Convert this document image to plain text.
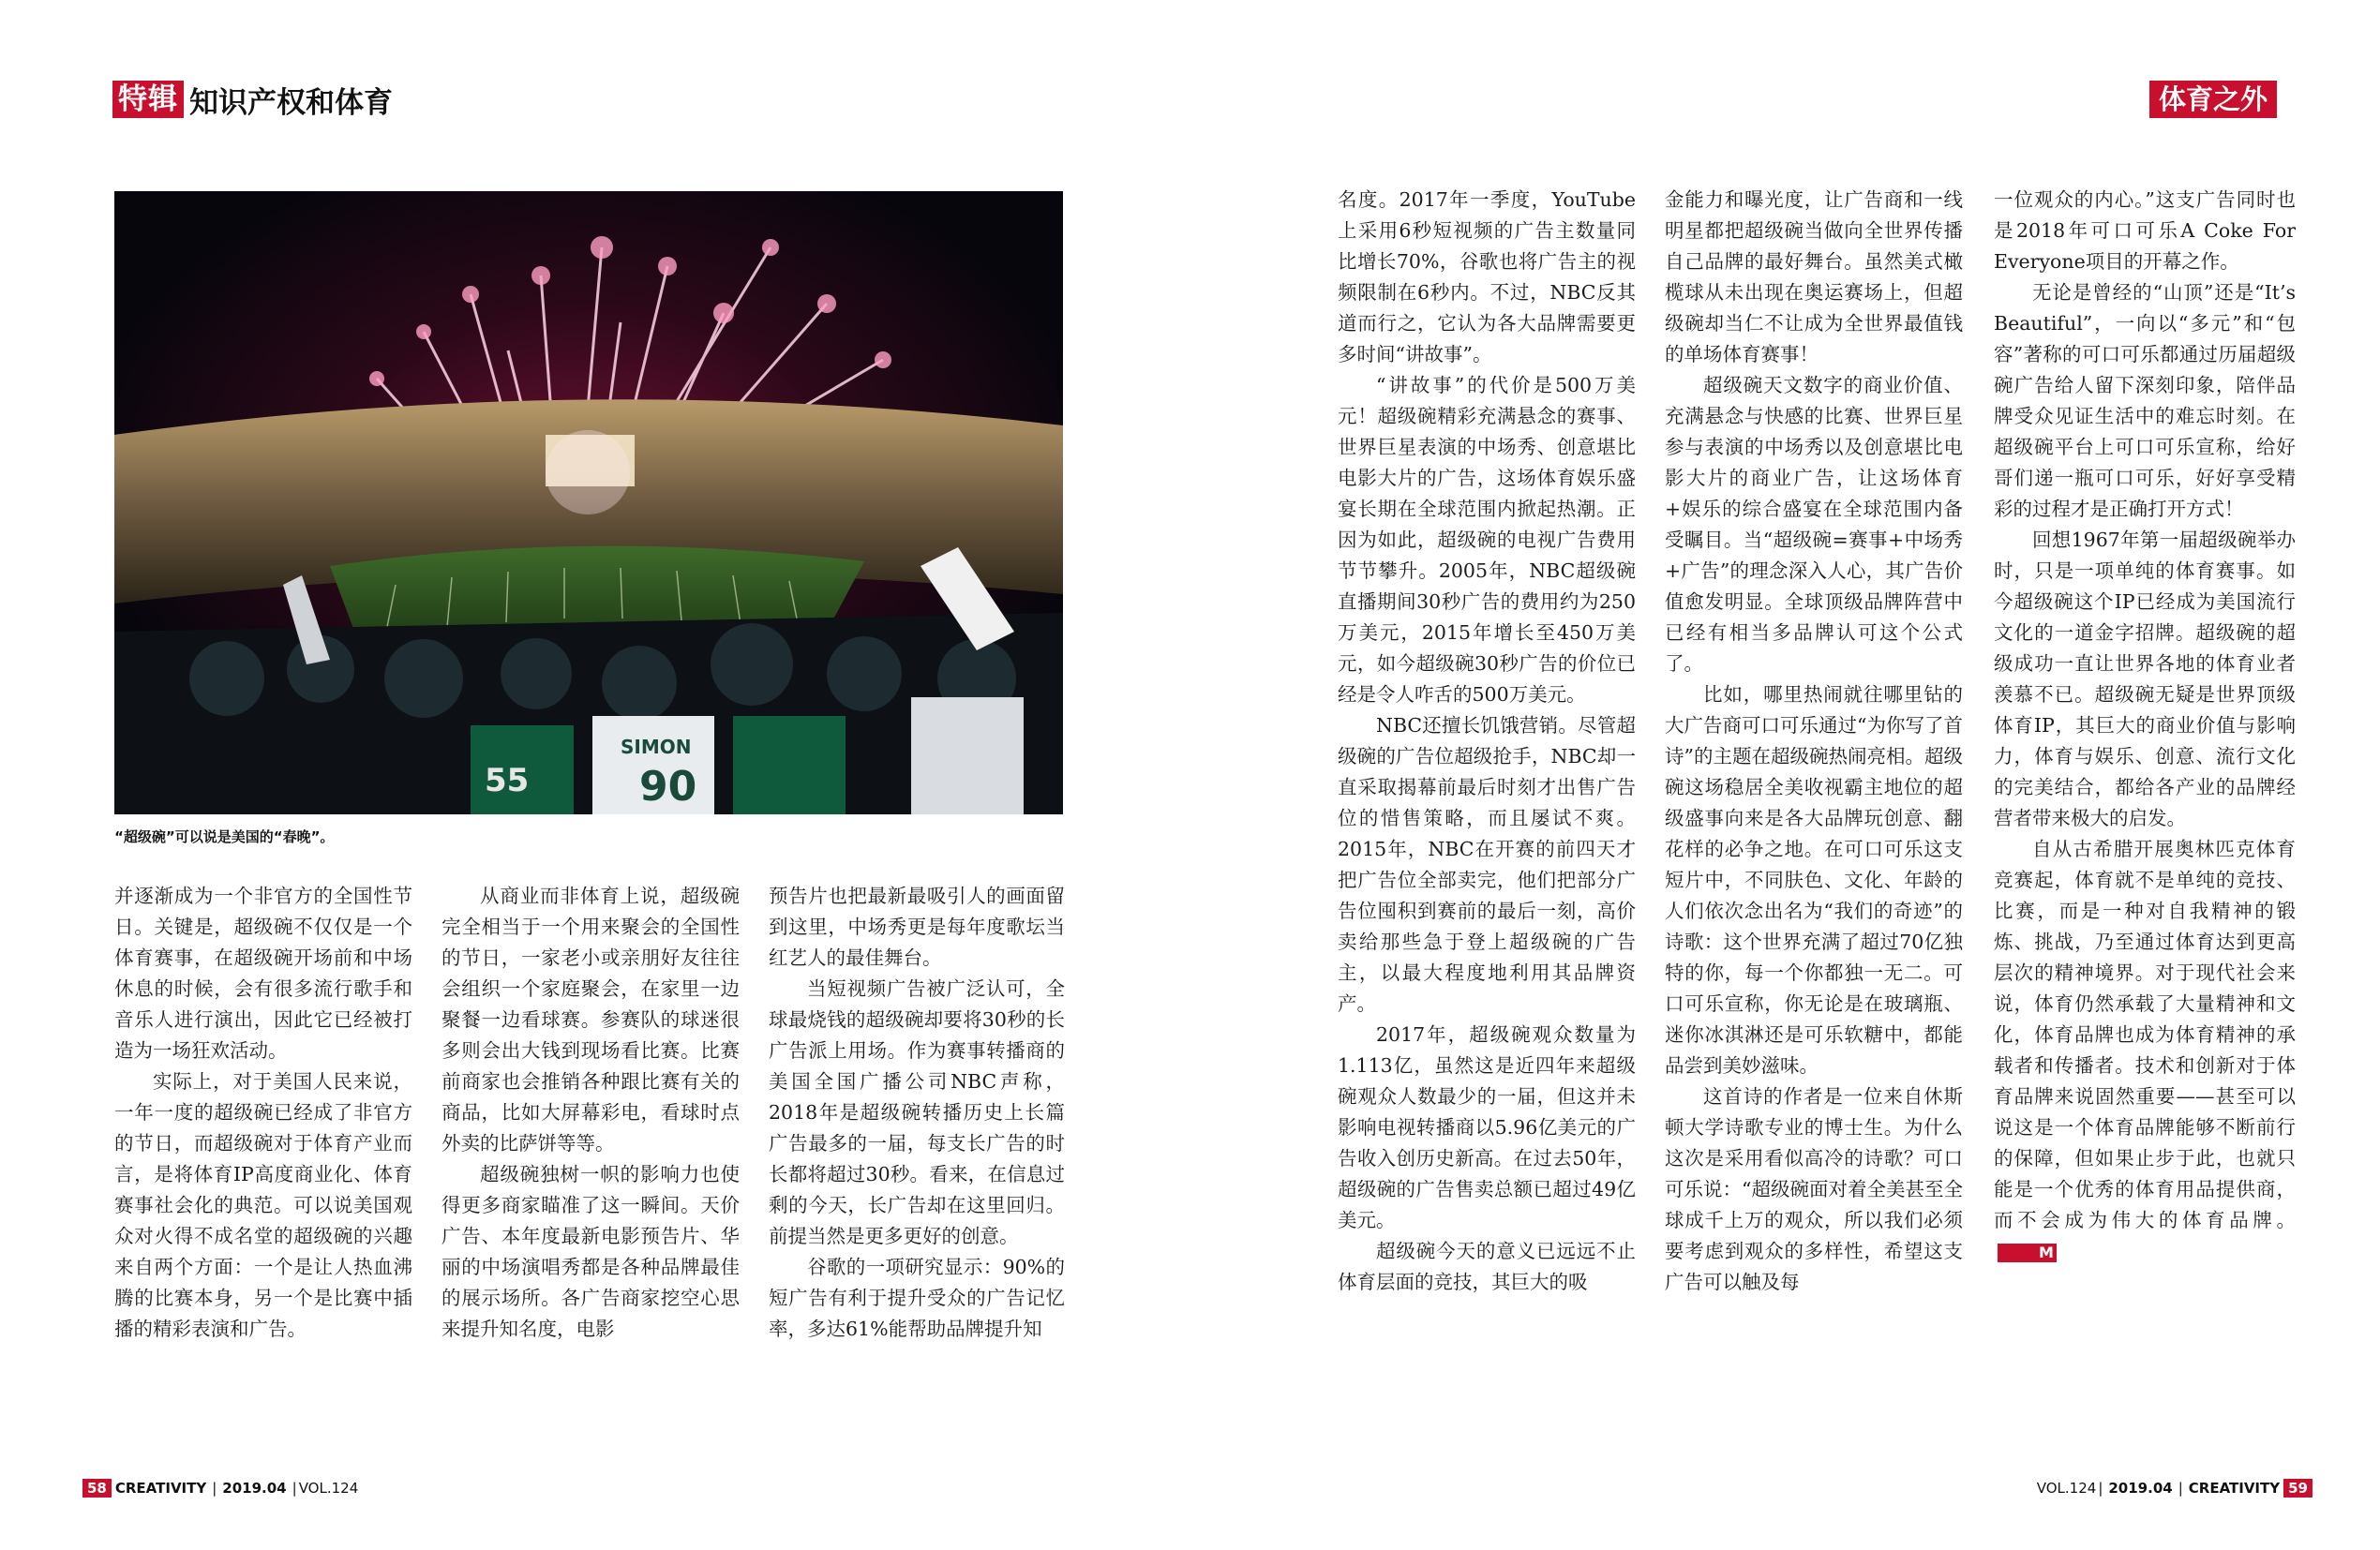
特辑 知识产权和体育
SIMON
90
55
“超级碗”可以说是美国的“春晚”。

并逐渐成为一个非官方的全国性节日。关键是，超级碗不仅仅是一个体育赛事，在超级碗开场前和中场休息的时候，会有很多流行歌手和音乐人进行演出，因此它已经被打造为一场狂欢活动。

实际上，对于美国人民来说，一年一度的超级碗已经成了非官方的节日，而超级碗对于体育产业而言，是将体育IP高度商业化、体育赛事社会化的典范。可以说美国观众对火得不成名堂的超级碗的兴趣来自两个方面：一个是让人热血沸腾的比赛本身，另一个是比赛中插播的精彩表演和广告。

从商业而非体育上说，超级碗完全相当于一个用来聚会的全国性的节日，一家老小或亲朋好友往往会组织一个家庭聚会，在家里一边聚餐一边看球赛。参赛队的球迷很多则会出大钱到现场看比赛。比赛前商家也会推销各种跟比赛有关的商品，比如大屏幕彩电，看球时点外卖的比萨饼等等。

超级碗独树一帜的影响力也使得更多商家瞄准了这一瞬间。天价广告、本年度最新电影预告片、华丽的中场演唱秀都是各种品牌最佳的展示场所。各广告商家挖空心思来提升知名度，电影

预告片也把最新最吸引人的画面留到这里，中场秀更是每年度歌坛当红艺人的最佳舞台。

当短视频广告被广泛认可，全球最烧钱的超级碗却要将30秒的长广告派上用场。作为赛事转播商的美国全国广播公司NBC声称，2018年是超级碗转播历史上长篇广告最多的一届，每支长广告的时长都将超过30秒。看来，在信息过剩的今天，长广告却在这里回归。前提当然是更多更好的创意。

谷歌的一项研究显示：90%的短广告有利于提升受众的广告记忆率，多达61%能帮助品牌提升知

58 CREATIVITY | 2019.04 | VOL.124
体育之外

名度。2017年一季度，YouTube上采用6秒短视频的广告主数量同比增长70%，谷歌也将广告主的视频限制在6秒内。不过，NBC反其道而行之，它认为各大品牌需要更多时间“讲故事”。

“讲故事”的代价是500万美元！超级碗精彩充满悬念的赛事、世界巨星表演的中场秀、创意堪比电影大片的广告，这场体育娱乐盛宴长期在全球范围内掀起热潮。正因为如此，超级碗的电视广告费用节节攀升。2005年，NBC超级碗直播期间30秒广告的费用约为250万美元，2015年增长至450万美元，如今超级碗30秒广告的价位已经是令人咋舌的500万美元。

NBC还擅长饥饿营销。尽管超级碗的广告位超级抢手，NBC却一直采取揭幕前最后时刻才出售广告位的惜售策略，而且屡试不爽。2015年，NBC在开赛的前四天才把广告位全部卖完，他们把部分广告位囤积到赛前的最后一刻，高价卖给那些急于登上超级碗的广告主，以最大程度地利用其品牌资产。

2017年，超级碗观众数量为1.113亿，虽然这是近四年来超级碗观众人数最少的一届，但这并未影响电视转播商以5.96亿美元的广告收入创历史新高。在过去50年，超级碗的广告售卖总额已超过49亿美元。

超级碗今天的意义已远远不止体育层面的竞技，其巨大的吸

金能力和曝光度，让广告商和一线明星都把超级碗当做向全世界传播自己品牌的最好舞台。虽然美式橄榄球从未出现在奥运赛场上，但超级碗却当仁不让成为全世界最值钱的单场体育赛事！

超级碗天文数字的商业价值、充满悬念与快感的比赛、世界巨星参与表演的中场秀以及创意堪比电影大片的商业广告，让这场体育+娱乐的综合盛宴在全球范围内备受瞩目。当“超级碗=赛事+中场秀+广告”的理念深入人心，其广告价值愈发明显。全球顶级品牌阵营中已经有相当多品牌认可这个公式了。

比如，哪里热闹就往哪里钻的大广告商可口可乐通过“为你写了首诗”的主题在超级碗热闹亮相。超级碗这场稳居全美收视霸主地位的超级盛事向来是各大品牌玩创意、翻花样的必争之地。在可口可乐这支短片中，不同肤色、文化、年龄的人们依次念出名为“我们的奇迹”的诗歌：这个世界充满了超过70亿独特的你，每一个你都独一无二。可口可乐宣称，你无论是在玻璃瓶、迷你冰淇淋还是可乐软糖中，都能品尝到美妙滋味。

这首诗的作者是一位来自休斯顿大学诗歌专业的博士生。为什么这次是采用看似高冷的诗歌？可口可乐说：“超级碗面对着全美甚至全球成千上万的观众，所以我们必须要考虑到观众的多样性，希望这支广告可以触及每

一位观众的内心。”这支广告同时也是2018年可口可乐A Coke For Everyone项目的开幕之作。

无论是曾经的“山顶”还是“It’s Beautiful”，一向以“多元”和“包容”著称的可口可乐都通过历届超级碗广告给人留下深刻印象，陪伴品牌受众见证生活中的难忘时刻。在超级碗平台上可口可乐宣称，给好哥们递一瓶可口可乐，好好享受精彩的过程才是正确打开方式！

回想1967年第一届超级碗举办时，只是一项单纯的体育赛事。如今超级碗这个IP已经成为美国流行文化的一道金字招牌。超级碗的超级成功一直让世界各地的体育业者羡慕不已。超级碗无疑是世界顶级体育IP，其巨大的商业价值与影响力，体育与娱乐、创意、流行文化的完美结合，都给各产业的品牌经营者带来极大的启发。

自从古希腊开展奥林匹克体育竞赛起，体育就不是单纯的竞技、比赛，而是一种对自我精神的锻炼、挑战，乃至通过体育达到更高层次的精神境界。对于现代社会来说，体育仍然承载了大量精神和文化，体育品牌也成为体育精神的承载者和传播者。技术和创新对于体育品牌来说固然重要——甚至可以说这是一个体育品牌能够不断前行的保障，但如果止步于此，也就只能是一个优秀的体育用品提供商，而不会成为伟大的体育品牌。M

VOL.124 | 2019.04 | CREATIVITY 59
